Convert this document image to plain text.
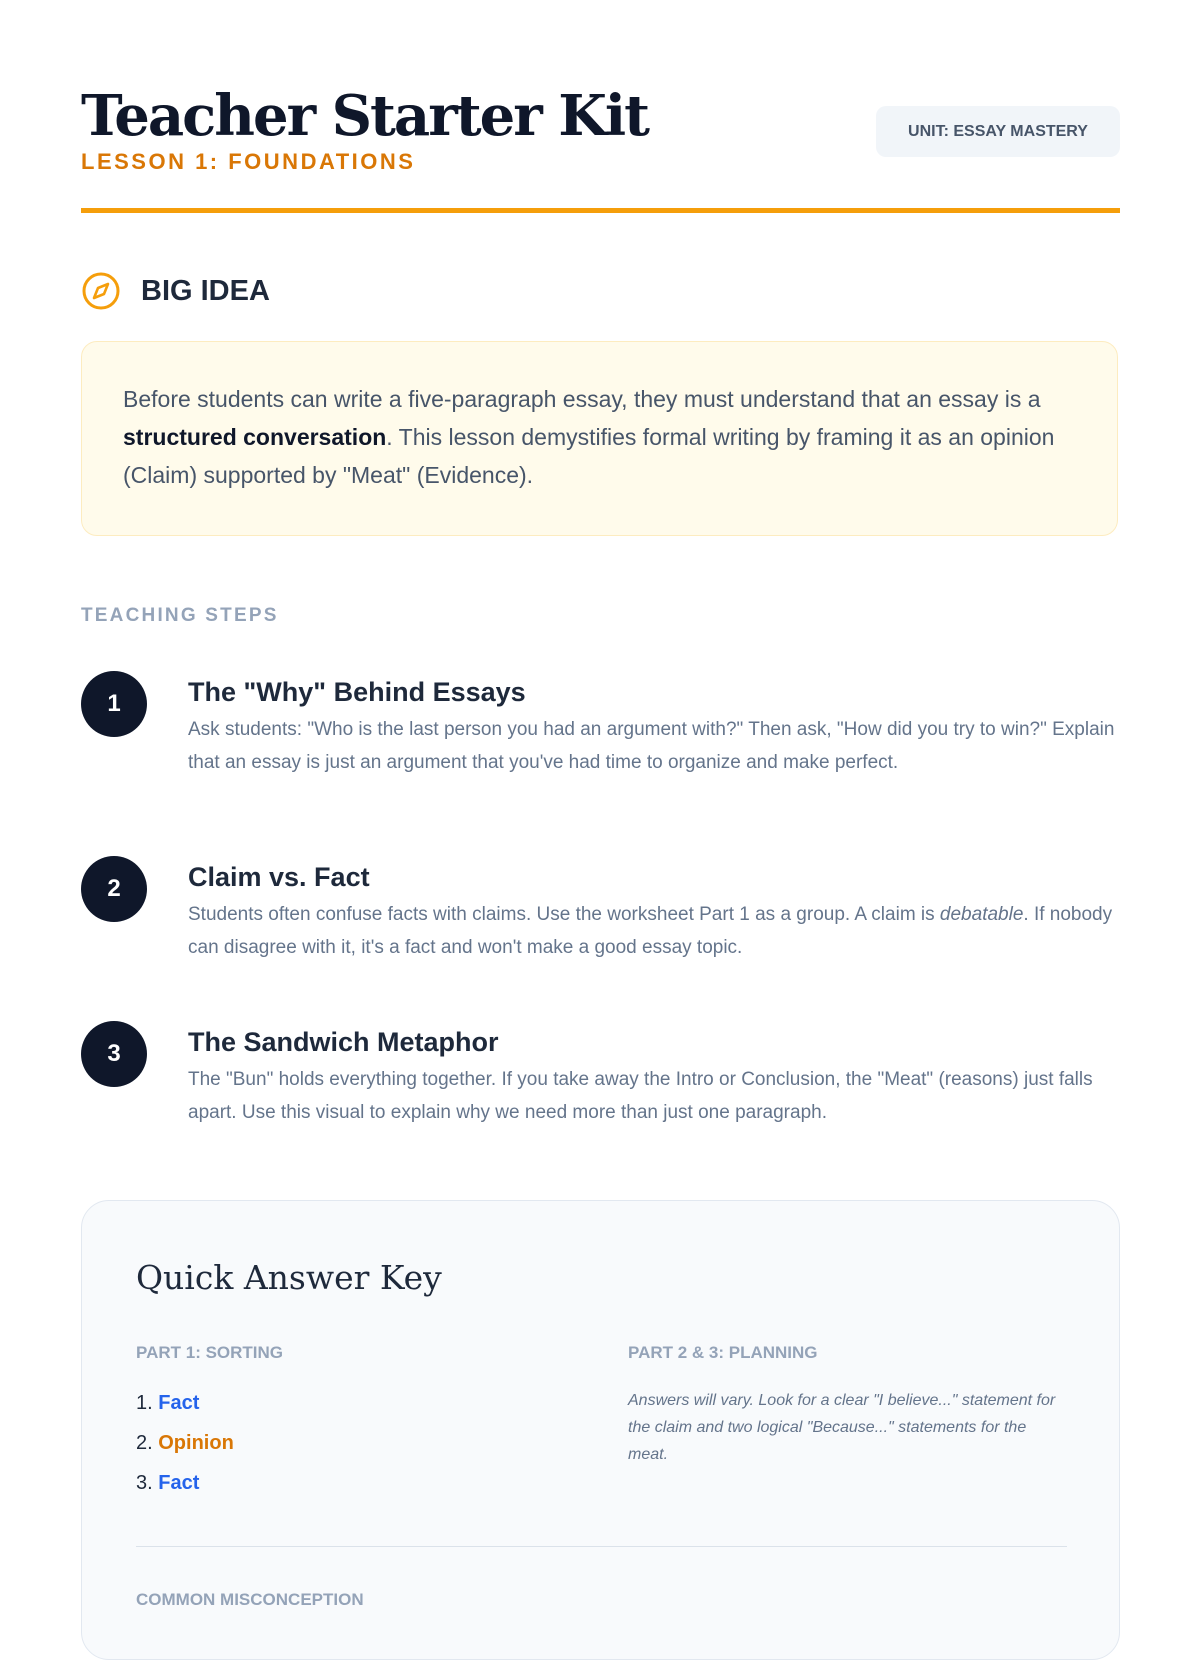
Teacher Starter Kit
LESSON 1: FOUNDATIONS
UNIT: ESSAY MASTERY
BIG IDEA

Before students can write a five-paragraph essay, they must understand that an essay is a structured conversation. This lesson demystifies formal writing by framing it as an opinion (Claim) supported by "Meat" (Evidence).

TEACHING STEPS
1	The "Why" Behind Essays

Ask students: "Who is the last person you had an argument with?" Then ask, "How did you try to win?" Explain that an essay is just an argument that you've had time to organize and make perfect.

2	Claim vs. Fact

Students often confuse facts with claims. Use the worksheet Part 1 as a group. A claim is debatable. If nobody can disagree with it, it's a fact and won't make a good essay topic.

3	The Sandwich Metaphor

The "Bun" holds everything together. If you take away the Intro or Conclusion, the "Meat" (reasons) just falls apart. Use this visual to explain why we need more than just one paragraph.

Quick Answer Key
PART 1: SORTING
1. Fact
2. Opinion
3. Fact
PART 2 & 3: PLANNING

Answers will vary. Look for a clear "I believe..." statement for the claim and two logical "Because..." statements for the meat.

COMMON MISCONCEPTION
